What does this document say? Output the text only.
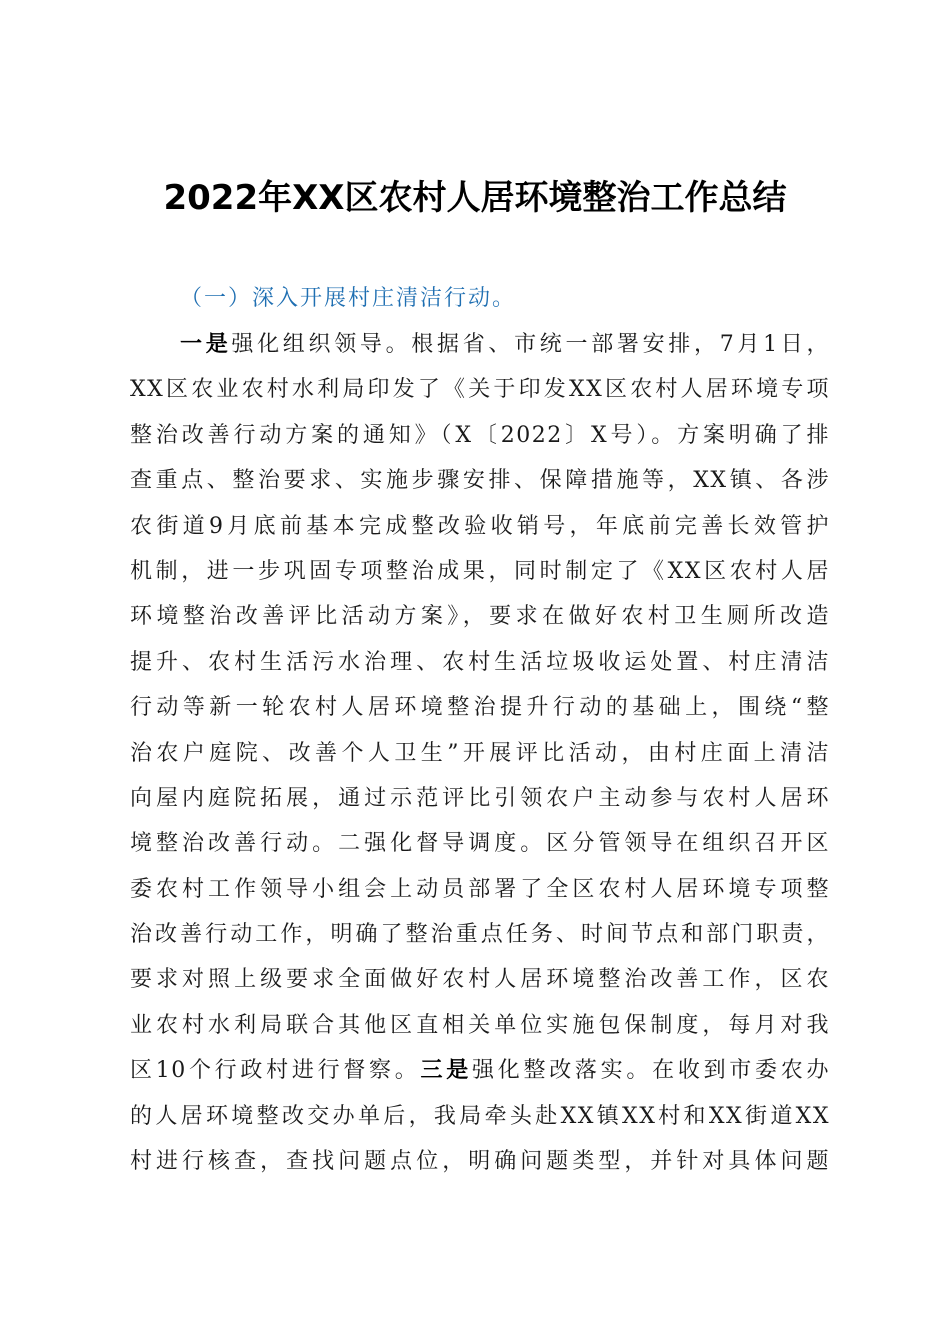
2022年XX区农村人居环境整治工作总结
（一）深入开展村庄清洁行动。
一是强化组织领导。根据省、市统一部署安排，7月1日，
XX区农业农村水利局印发了《关于印发XX区农村人居环境专项
整治改善行动方案的通知》（X〔2022〕X号）。方案明确了排
查重点、整治要求、实施步骤安排、保障措施等，XX镇、各涉
农街道9月底前基本完成整改验收销号，年底前完善长效管护
机制，进一步巩固专项整治成果，同时制定了《XX区农村人居
环境整治改善评比活动方案》，要求在做好农村卫生厕所改造
提升、农村生活污水治理、农村生活垃圾收运处置、村庄清洁
行动等新一轮农村人居环境整治提升行动的基础上，围绕“整
治农户庭院、改善个人卫生”开展评比活动，由村庄面上清洁
向屋内庭院拓展，通过示范评比引领农户主动参与农村人居环
境整治改善行动。二强化督导调度。区分管领导在组织召开区
委农村工作领导小组会上动员部署了全区农村人居环境专项整
治改善行动工作，明确了整治重点任务、时间节点和部门职责，
要求对照上级要求全面做好农村人居环境整治改善工作，区农
业农村水利局联合其他区直相关单位实施包保制度，每月对我
区10个行政村进行督察。三是强化整改落实。在收到市委农办
的人居环境整改交办单后，我局牵头赴XX镇XX村和XX街道XX
村进行核查，查找问题点位，明确问题类型，并针对具体问题
